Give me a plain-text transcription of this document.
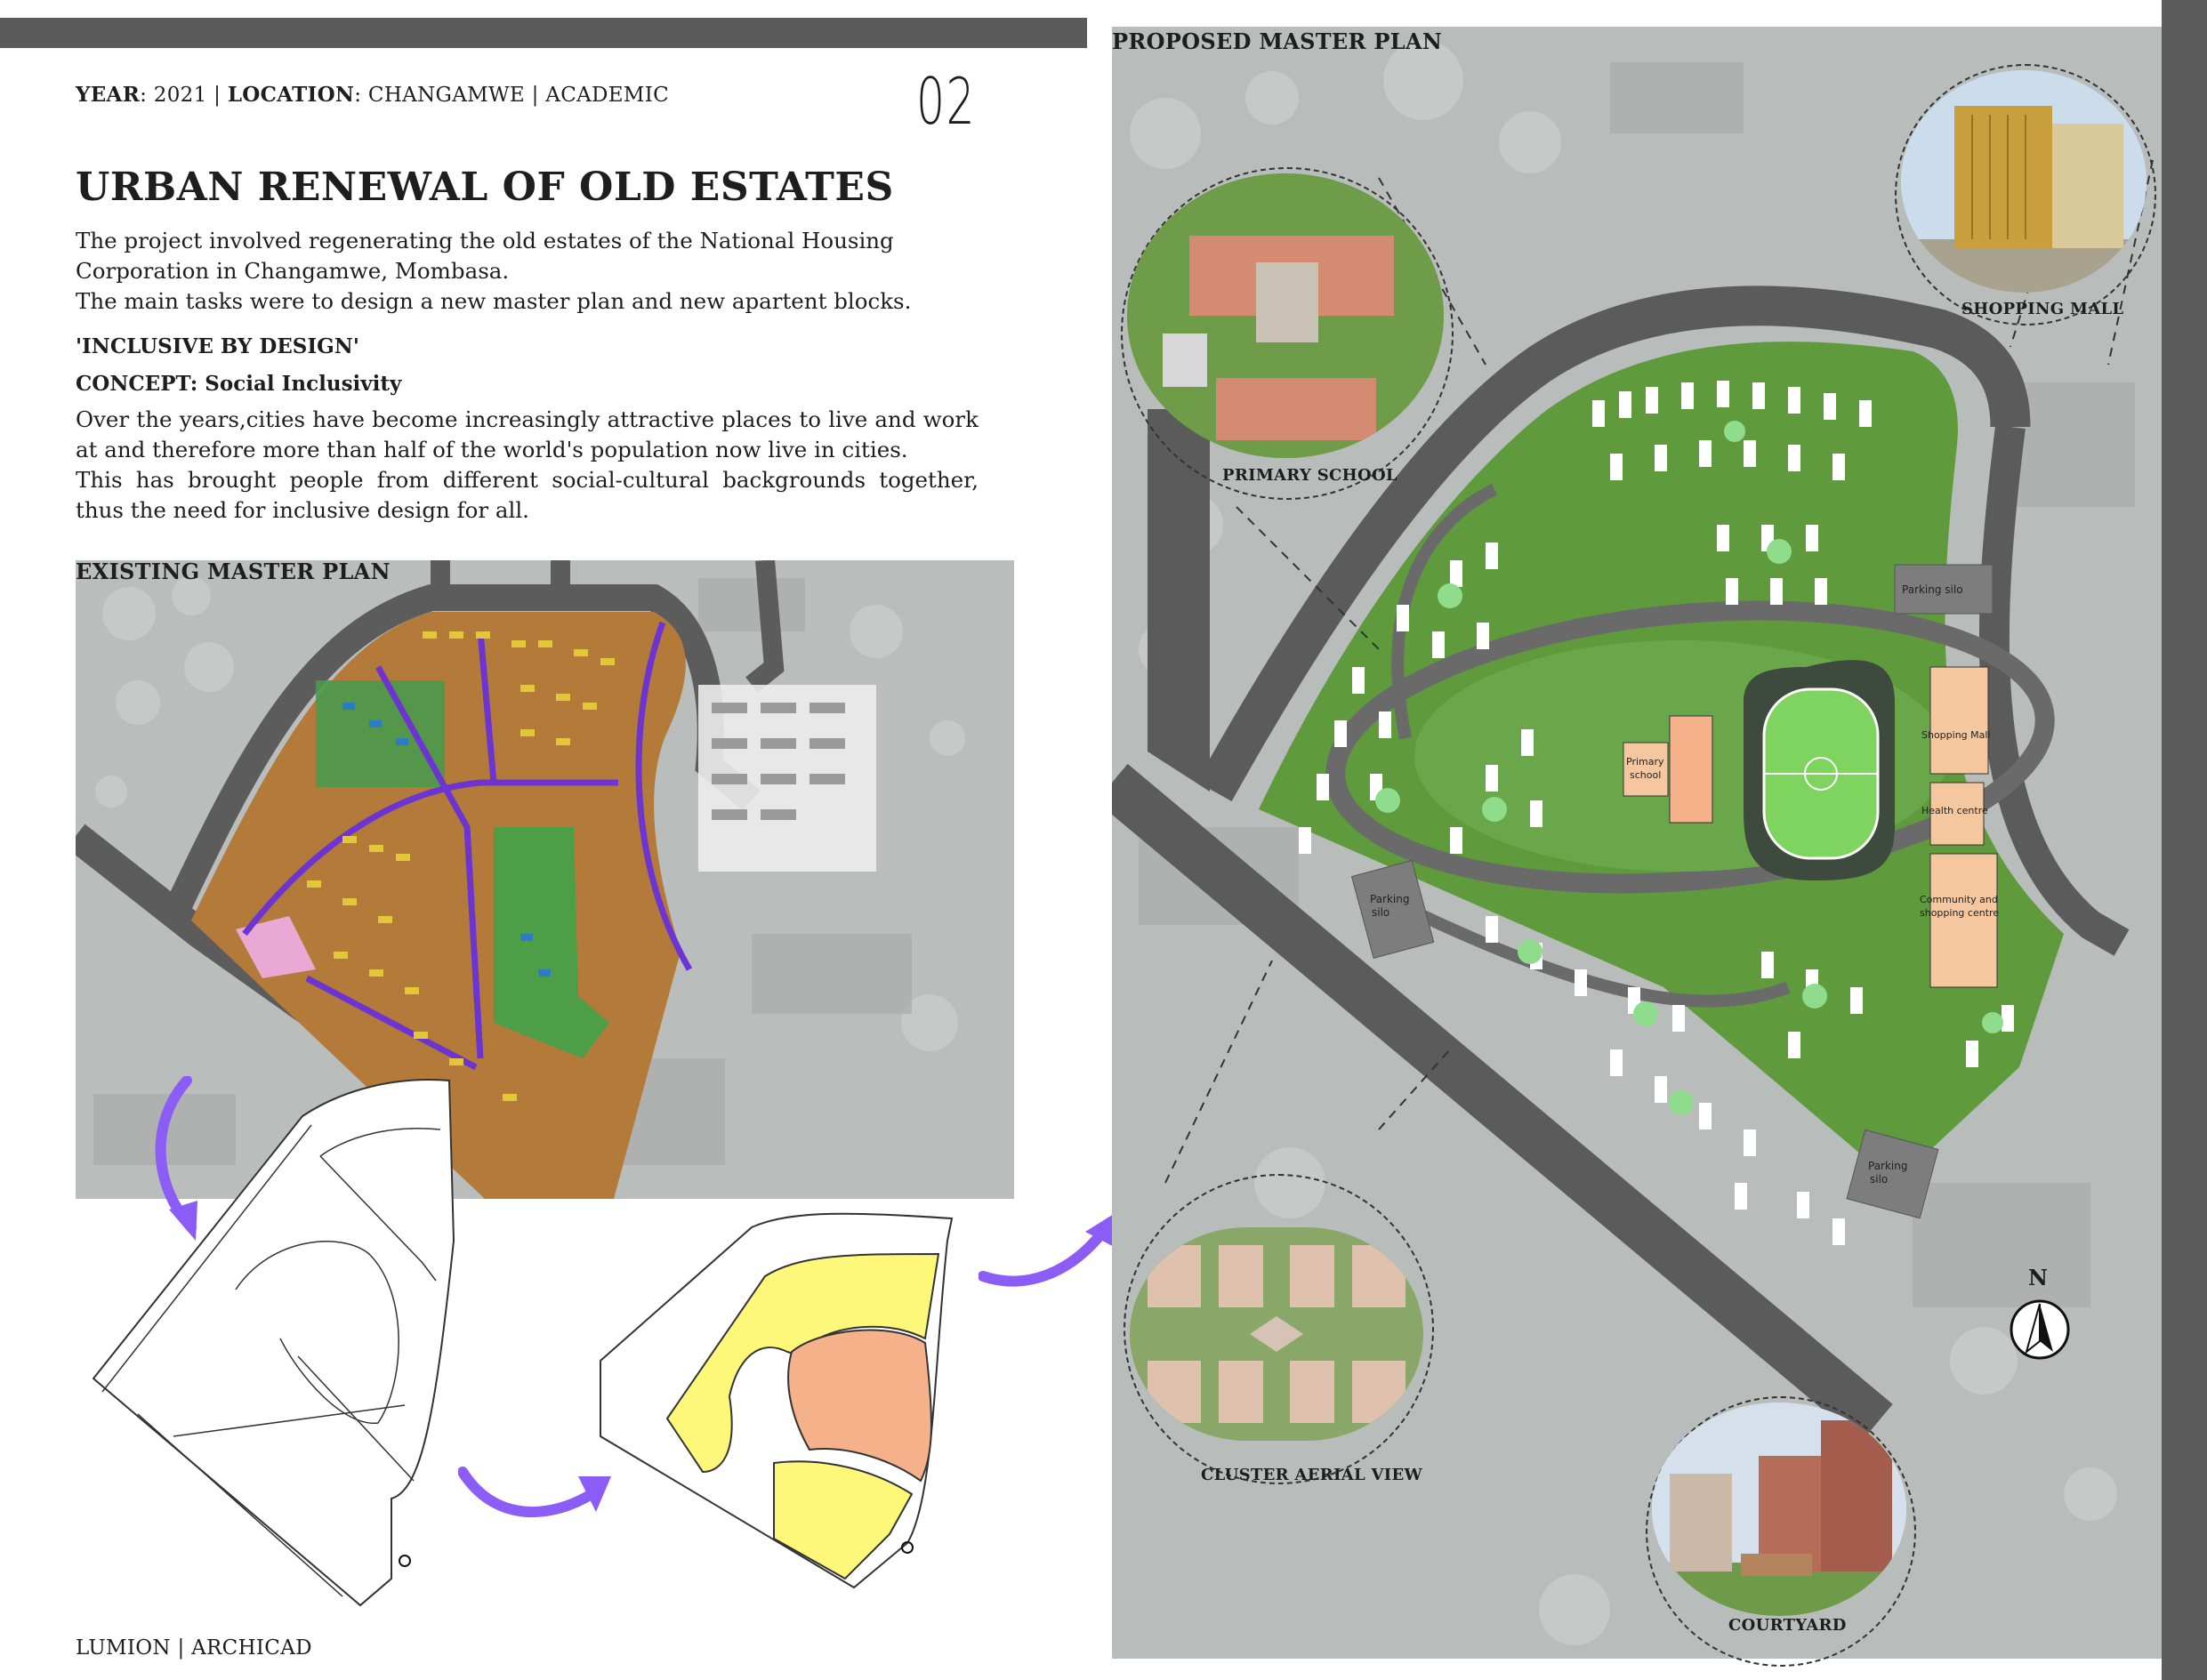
YEAR: 2021 | LOCATION: CHANGAMWE | ACADEMIC	02
URBAN RENEWAL OF OLD ESTATES
The project involved regenerating the old estates of the National Housing Corporation in Changamwe, Mombasa.
The main tasks were to design a new master plan and new apartent blocks.
'INCLUSIVE BY DESIGN'
CONCEPT: Social Inclusivity
Over the years,cities have become increasingly attractive places to live and work at and therefore more than half of the world's population now live in cities.
This has brought people from different social-cultural backgrounds together, thus the need for inclusive design for all.
EXISTING MASTER PLAN
PROPOSED MASTER PLAN
Parking silo
Parking
silo
Parking
silo
Primary
school
Shopping Mall
Health centre
Community and
shopping centre
PRIMARY SCHOOL
SHOPPING MALL
CLUSTER AERIAL VIEW
COURTYARD
N
LUMION | ARCHICAD
